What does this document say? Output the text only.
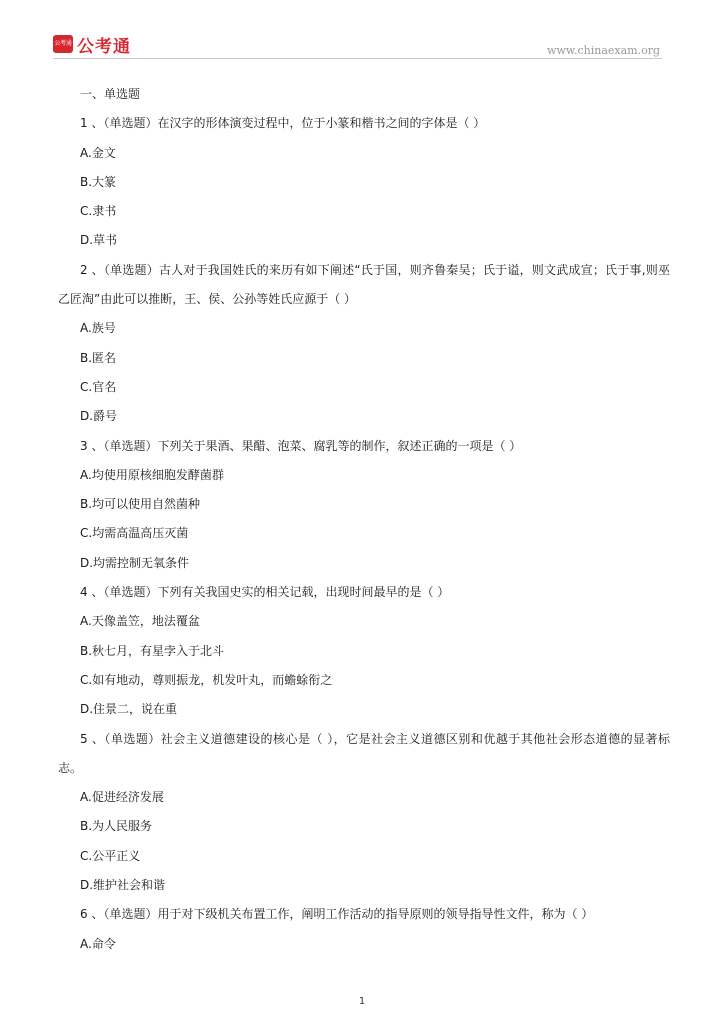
公考通 公考通	www.chinaexam.org
一、单选题
1 、（单选题）在汉字的形体演变过程中，位于小篆和楷书之间的字体是（ ）
A.金文
B.大篆
C.隶书
D.草书
2 、（单选题）古人对于我国姓氏的来历有如下阐述“氏于国，则齐鲁秦吴；氏于谥，则文武成宣；氏于事,则巫乙匠淘”由此可以推断，王、侯、公孙等姓氏应源于（ ）
A.族号
B.匿名
C.官名
D.爵号
3 、（单选题）下列关于果酒、果醋、泡菜、腐乳等的制作，叙述正确的一项是（ ）
A.均使用原核细胞发酵菌群
B.均可以使用自然菌种
C.均需高温高压灭菌
D.均需控制无氧条件
4 、（单选题）下列有关我国史实的相关记载，出现时间最早的是（ ）
A.天像盖笠，地法覆盆
B.秋七月，有星孛入于北斗
C.如有地动，尊则振龙，机发叶丸，而蟾蜍衔之
D.住景二，说在重
5 、（单选题）社会主义道德建设的核心是（ ），它是社会主义道德区别和优越于其他社会形态道德的显著标志。
A.促进经济发展
B.为人民服务
C.公平正义
D.维护社会和谐
6 、（单选题）用于对下级机关布置工作，阐明工作活动的指导原则的领导指导性文件，称为（ ）
A.命令
1
